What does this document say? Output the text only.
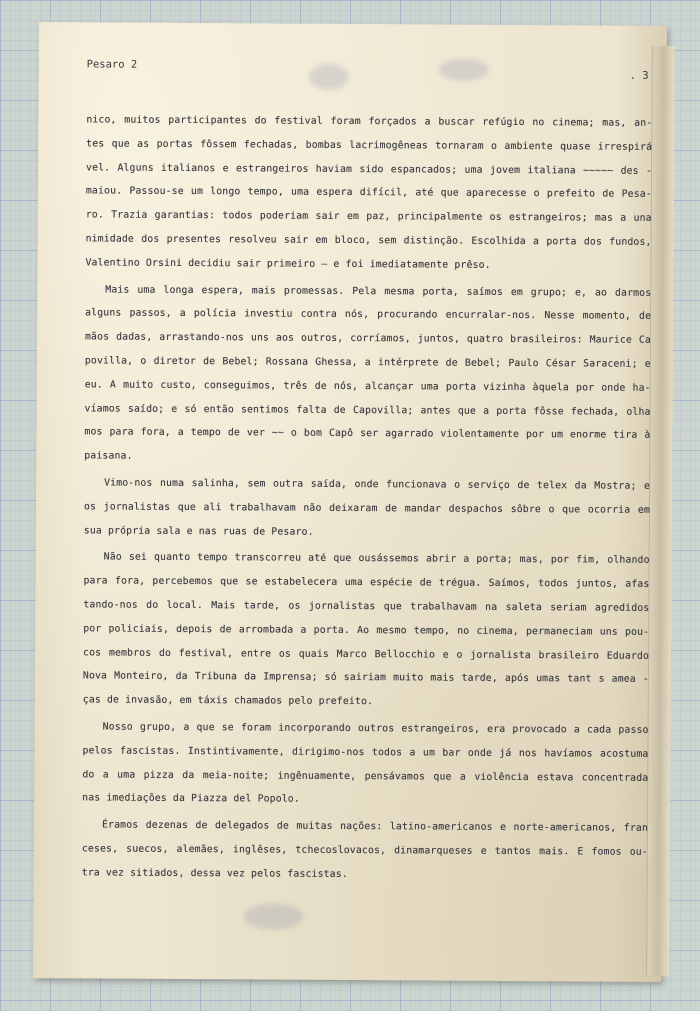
Pesaro 2
. 3
nico, muitos participantes do festival foram forçados a buscar refúgio no cinema; mas, an-
tes que as portas fôssem fechadas, bombas lacrimogêneas tornaram o ambiente quase irrespirá
vel. Alguns italianos e estrangeiros haviam sido espancados; uma jovem italiana ~~~~~ des -
maiou. Passou-se um longo tempo, uma espera difícil, até que aparecesse o prefeito de Pesa-
ro. Trazia garantias: todos poderiam sair em paz, principalmente os estrangeiros; mas a una
nimidade dos presentes resolveu sair em bloco, sem distinção. Escolhida a porta dos fundos,
Valentino Orsini decidiu sair primeiro — e foi imediatamente prêso.
Mais uma longa espera, mais promessas. Pela mesma porta, saímos em grupo; e, ao darmos
alguns passos, a polícia investiu contra nós, procurando encurralar-nos. Nesse momento, de
mãos dadas, arrastando-nos uns aos outros, corríamos, juntos, quatro brasileiros: Maurice Ca
povilla, o diretor de Bebel; Rossana Ghessa, a intérprete de Bebel; Paulo César Saraceni; e
eu. A muito custo, conseguimos, três de nós, alcançar uma porta vizinha àquela por onde ha-
víamos saído; e só então sentimos falta de Capovilla; antes que a porta fôsse fechada, olha
mos para fora, a tempo de ver ~~ o bom Capô ser agarrado violentamente por um enorme tira à
paisana.
Vimo-nos numa salinha, sem outra saída, onde funcionava o serviço de telex da Mostra; e
os jornalistas que ali trabalhavam não deixaram de mandar despachos sôbre o que ocorria em
sua própria sala e nas ruas de Pesaro.
Não sei quanto tempo transcorreu até que ousássemos abrir a porta; mas, por fim, olhando
para fora, percebemos que se estabelecera uma espécie de trégua. Saímos, todos juntos, afas
tando-nos do local. Mais tarde, os jornalistas que trabalhavam na saleta seriam agredidos
por policiais, depois de arrombada a porta. Ao mesmo tempo, no cinema, permaneciam uns pou-
cos membros do festival, entre os quais Marco Bellocchio e o jornalista brasileiro Eduardo
Nova Monteiro, da Tribuna da Imprensa; só sairiam muito mais tarde, após umas tant s amea -
ças de invasão, em táxis chamados pelo prefeito.
Nosso grupo, a que se foram incorporando outros estrangeiros, era provocado a cada passo
pelos fascistas. Instintivamente, dirigimo-nos todos a um bar onde já nos havíamos acostuma
do a uma pizza da meia-noite; ingênuamente, pensávamos que a violência estava concentrada
nas imediações da Piazza del Popolo.
Éramos dezenas de delegados de muitas nações: latino-americanos e norte-americanos, fran
ceses, suecos, alemães, inglêses, tchecoslovacos, dinamarqueses e tantos mais. E fomos ou-
tra vez sitiados, dessa vez pelos fascistas.
